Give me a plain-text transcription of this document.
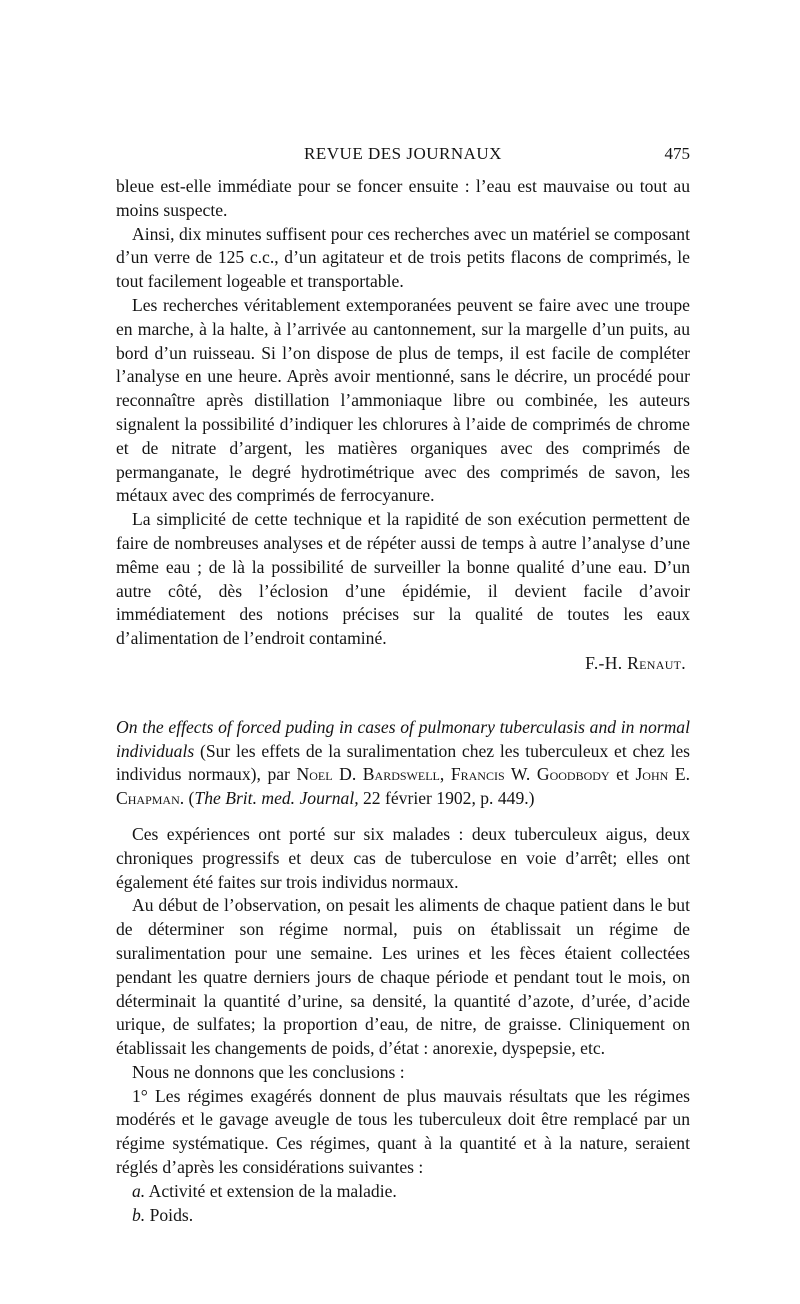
REVUE DES JOURNAUX	475

bleue est-elle immédiate pour se foncer ensuite : l’eau est mauvaise ou tout au moins suspecte.

Ainsi, dix minutes suffisent pour ces recherches avec un matériel se composant d’un verre de 125 c.c., d’un agitateur et de trois petits flacons de comprimés, le tout facilement logeable et transportable.

Les recherches véritablement extemporanées peuvent se faire avec une troupe en marche, à la halte, à l’arrivée au cantonnement, sur la margelle d’un puits, au bord d’un ruisseau. Si l’on dispose de plus de temps, il est facile de compléter l’analyse en une heure. Après avoir mentionné, sans le décrire, un procédé pour reconnaître après distillation l’ammoniaque libre ou combinée, les auteurs signalent la possibilité d’indiquer les chlorures à l’aide de comprimés de chrome et de nitrate d’argent, les matières organiques avec des comprimés de permanganate, le degré hydrotimétrique avec des comprimés de savon, les métaux avec des comprimés de ferrocyanure.

La simplicité de cette technique et la rapidité de son exécution permettent de faire de nombreuses analyses et de répéter aussi de temps à autre l’analyse d’une même eau ; de là la possibilité de surveiller la bonne qualité d’une eau. D’un autre côté, dès l’éclosion d’une épidémie, il devient facile d’avoir immédiatement des notions précises sur la qualité de toutes les eaux d’alimentation de l’endroit contaminé.

F.-H. Renaut.

On the effects of forced puding in cases of pulmonary tuberculasis and in normal individuals (Sur les effets de la suralimentation chez les tuberculeux et chez les individus normaux), par Noel D. Bardswell, Francis W. Goodbody et John E. Chapman. (The Brit. med. Journal, 22 février 1902, p. 449.)

Ces expériences ont porté sur six malades : deux tuberculeux aigus, deux chroniques progressifs et deux cas de tuberculose en voie d’arrêt; elles ont également été faites sur trois individus normaux.

Au début de l’observation, on pesait les aliments de chaque patient dans le but de déterminer son régime normal, puis on établissait un régime de suralimentation pour une semaine. Les urines et les fèces étaient collectées pendant les quatre derniers jours de chaque période et pendant tout le mois, on déterminait la quantité d’urine, sa densité, la quantité d’azote, d’urée, d’acide urique, de sulfates; la proportion d’eau, de nitre, de graisse. Cliniquement on établissait les changements de poids, d’état : anorexie, dyspepsie, etc.

Nous ne donnons que les conclusions :

1° Les régimes exagérés donnent de plus mauvais résultats que les régimes modérés et le gavage aveugle de tous les tuberculeux doit être remplacé par un régime systématique. Ces régimes, quant à la quantité et à la nature, seraient réglés d’après les considérations suivantes :

a. Activité et extension de la maladie.

b. Poids.
